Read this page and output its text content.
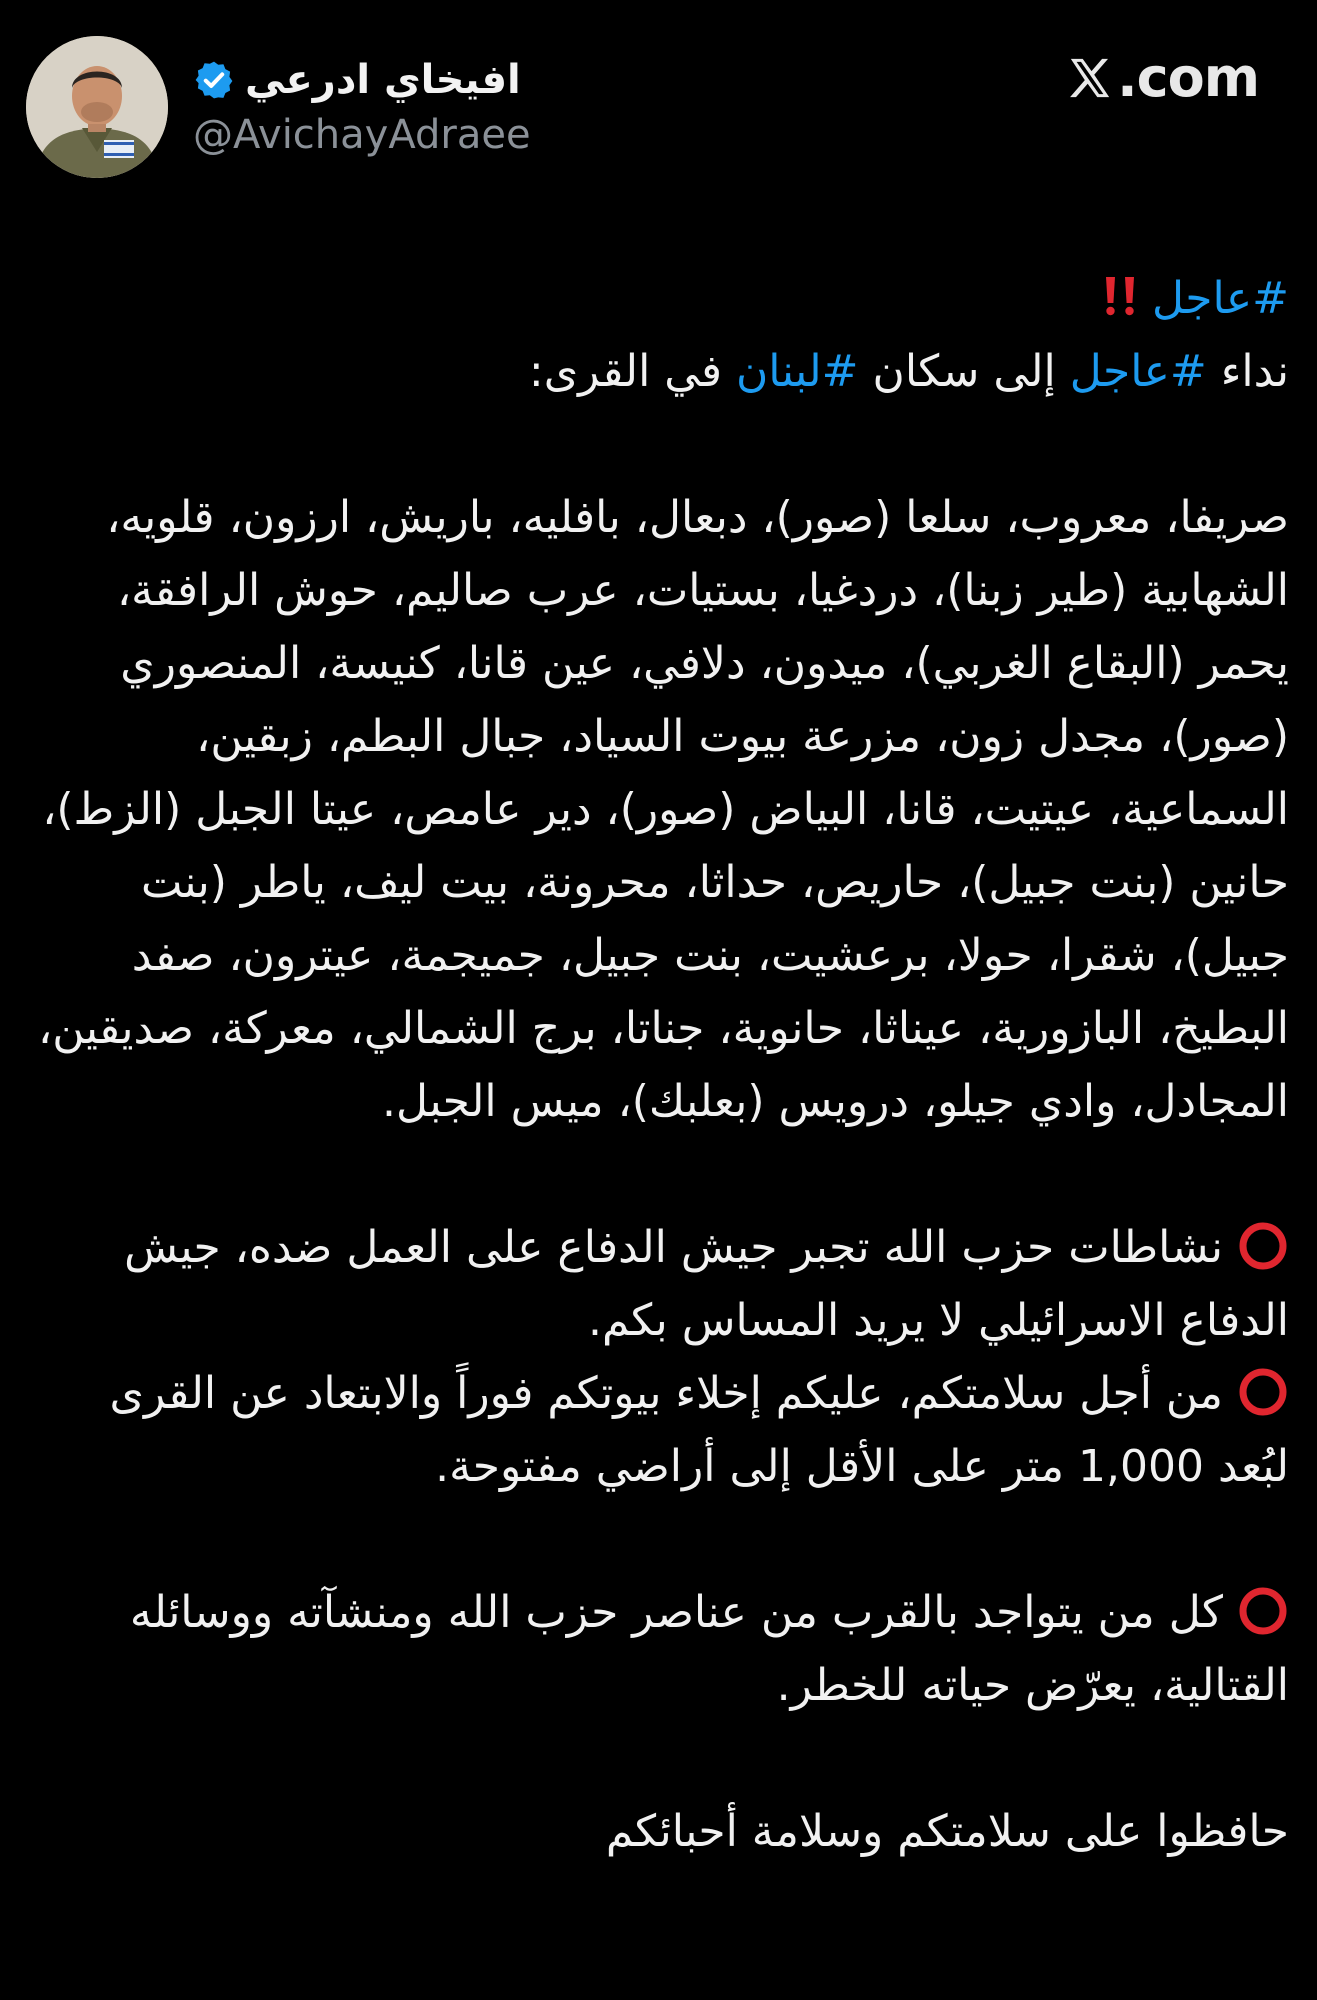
افيخاي ادرعي
@AvichayAdraee
.com

#عاجل

نداء #عاجل إلى سكان #لبنان في القرى:

صريفا، معروب، سلعا (صور)، دبعال، بافليه، باريش، ارزون، قلويه، الشهابية (طير زبنا)، دردغيا، بستيات، عرب صاليم، حوش الرافقة، يحمر (البقاع الغربي)، ميدون، دلافي، عين قانا، كنيسة، المنصوري (صور)، مجدل زون، مزرعة بيوت السياد، جبال البطم، زبقين، السماعية، عيتيت، قانا، البياض (صور)، دير عامص، عيتا الجبل (الزط)، حانين (بنت جبيل)، حاريص، حداثا، محرونة، بيت ليف، ياطر (بنت جبيل)، شقرا، حولا، برعشيت، بنت جبيل، جميجمة، عيترون، صفد البطيخ، البازورية، عيناثا، حانوية، جناتا، برج الشمالي، معركة، صديقين، المجادل، وادي جيلو، درويس (بعلبك)، ميس الجبل.

نشاطات حزب الله تجبر جيش الدفاع على العمل ضده، جيش الدفاع الاسرائيلي لا يريد المساس بكم.

من أجل سلامتكم، عليكم إخلاء بيوتكم فوراً والابتعاد عن القرى لبُعد 1,000 متر على الأقل إلى أراضي مفتوحة.

كل من يتواجد بالقرب من عناصر حزب الله ومنشآته ووسائله القتالية، يعرّض حياته للخطر.

حافظوا على سلامتكم وسلامة أحبائكم
